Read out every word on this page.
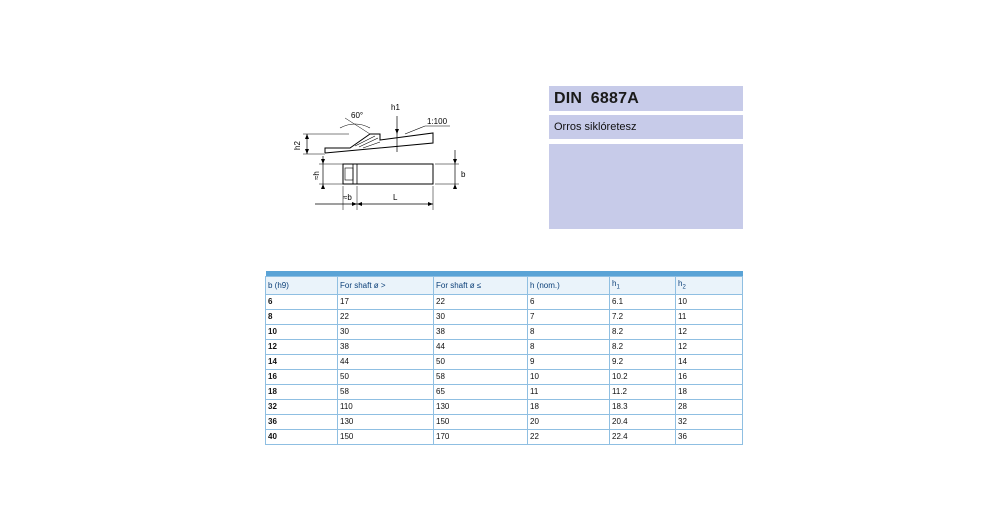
60°
h1
h2
1:100
≈h	b
≈b	L
DIN 6887A
Orros siklóretesz

b (h9)	For shaft ø >	For shaft ø ≤	h (nom.)	$h_1$	$h_2$
6	17	22	6	6.1	10
8	22	30	7	7.2	11
10	30	38	8	8.2	12
12	38	44	8	8.2	12
14	44	50	9	9.2	14
16	50	58	10	10.2	16
18	58	65	11	11.2	18
32	110	130	18	18.3	28
36	130	150	20	20.4	32
40	150	170	22	22.4	36
